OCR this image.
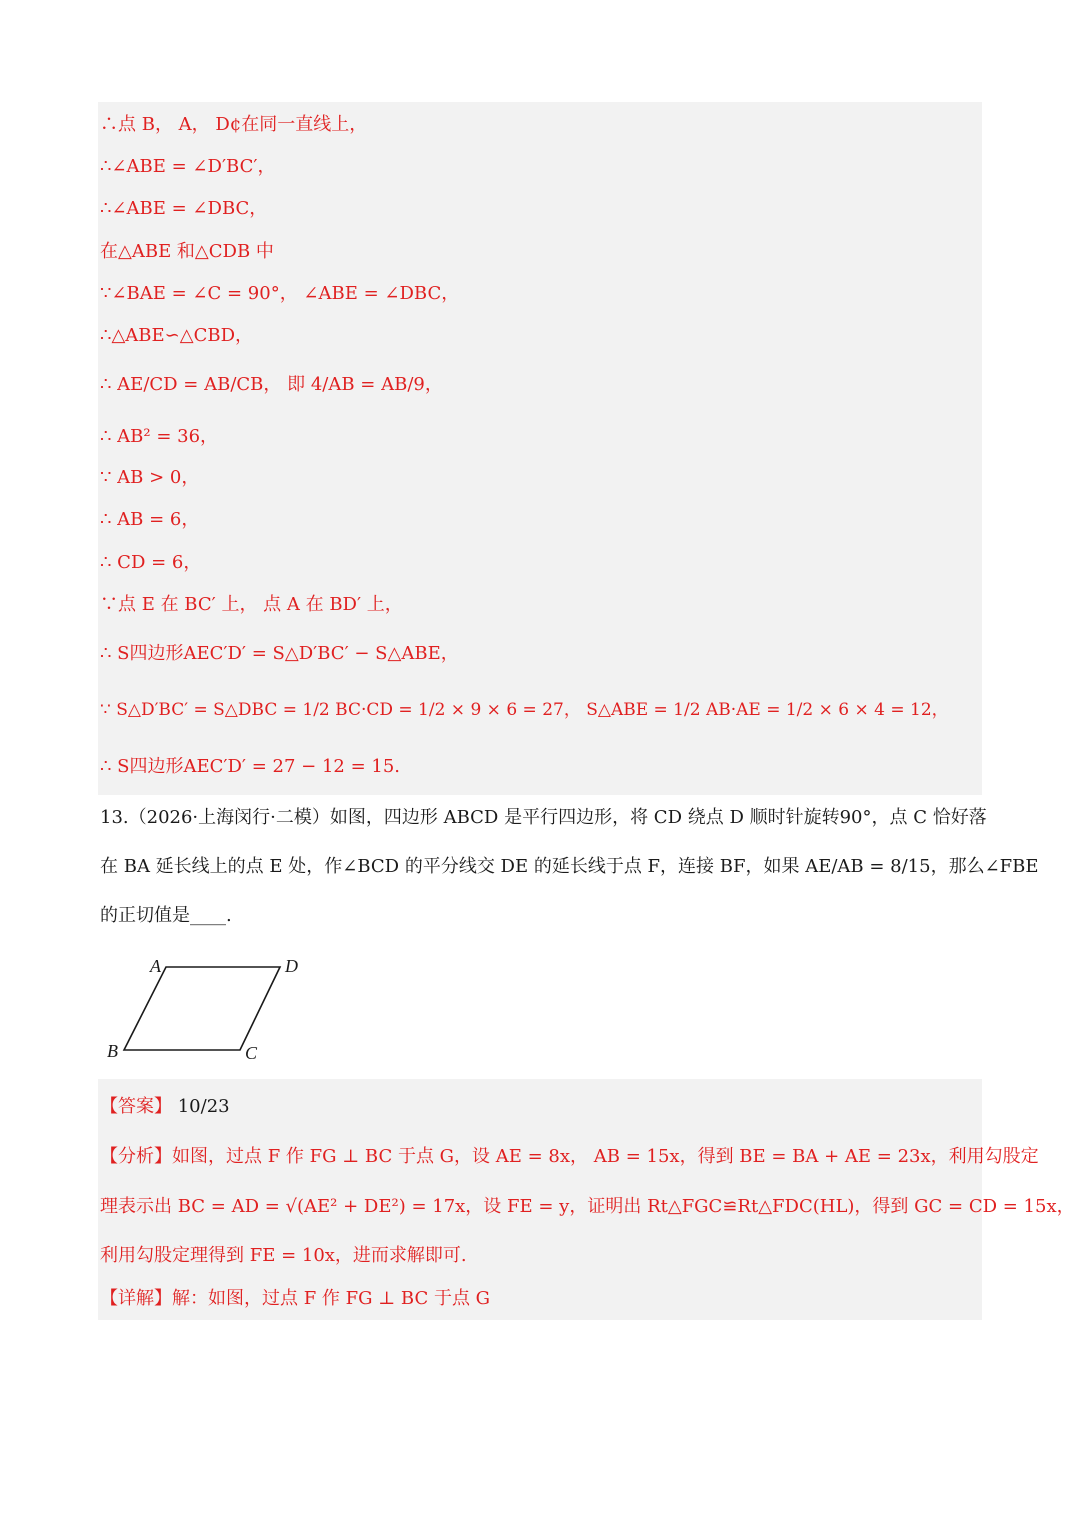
∴点 B， A， D¢在同一直线上，
∴∠ABE = ∠D′BC′，
∴∠ABE = ∠DBC，
在△ABE 和△CDB 中
∵∠BAE = ∠C = 90°， ∠ABE = ∠DBC，
∴△ABE∽△CBD，
∴ AE/CD = AB/CB， 即 4/AB = AB/9，
∴ AB² = 36，
∵ AB > 0，
∴ AB = 6，
∴ CD = 6，
∵点 E 在 BC′ 上， 点 A 在 BD′ 上，
∴ S四边形AEC′D′ = S△D′BC′ − S△ABE，
∵ S△D′BC′ = S△DBC = 1/2 BC·CD = 1/2 × 9 × 6 = 27， S△ABE = 1/2 AB·AE = 1/2 × 6 × 4 = 12，
∴ S四边形AEC′D′ = 27 − 12 = 15.
13.（2026·上海闵行·二模）如图，四边形 ABCD 是平行四边形，将 CD 绕点 D 顺时针旋转90°，点 C 恰好落
在 BA 延长线上的点 E 处，作∠BCD 的平分线交 DE 的延长线于点 F，连接 BF，如果 AE/AB = 8/15，那么∠FBE
的正切值是____.
A	D
B	C
【答案】 10/23
【分析】如图，过点 F 作 FG ⊥ BC 于点 G，设 AE = 8x， AB = 15x，得到 BE = BA + AE = 23x，利用勾股定
理表示出 BC = AD = √(AE² + DE²) = 17x，设 FE = y，证明出 Rt△FGC≌Rt△FDC(HL)，得到 GC = CD = 15x，
利用勾股定理得到 FE = 10x，进而求解即可.
【详解】解：如图，过点 F 作 FG ⊥ BC 于点 G
